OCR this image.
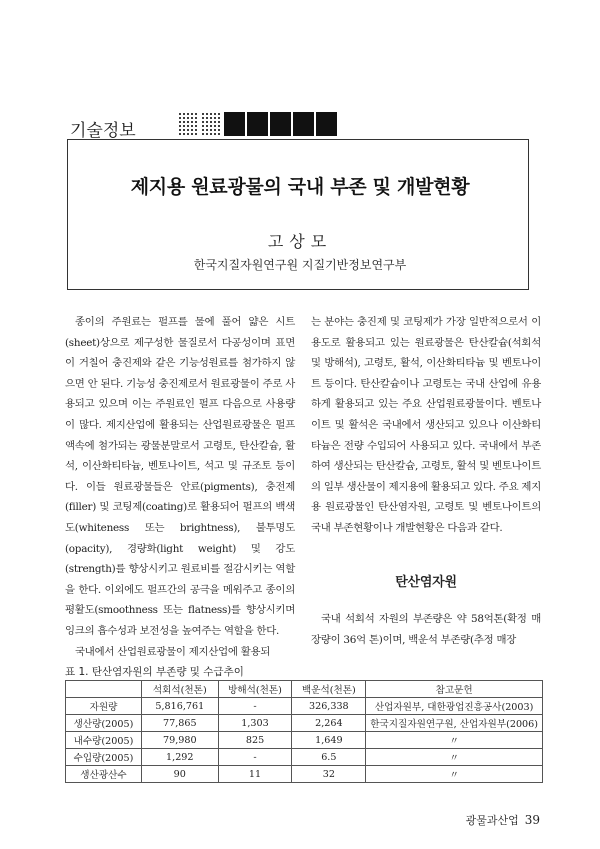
기술정보
제지용 원료광물의 국내 부존 및 개발현황
고상모
한국지질자원연구원 지질기반정보연구부

종이의 주원료는 펄프를 물에 풀어 얇은 시트(sheet)상으로 제구성한 물질로서 다공성이며 표면이 거칠어 충진제와 같은 기능성원료를 첨가하지 않으면 안 된다. 기능성 충진제로서 원료광물이 주로 사용되고 있으며 이는 주원료인 펄프 다음으로 사용량이 많다. 제지산업에 활용되는 산업원료광물은 펄프액속에 첨가되는 광물분말로서 고령토, 탄산칼슘, 활석, 이산화티타늄, 벤토나이트, 석고 및 규조토 등이다. 이들 원료광물들은 안료(pigments), 충전제(filler) 및 코팅제(coating)로 활용되어 펄프의 백색도(whiteness 또는 brightness), 불투명도(opacity), 경량화(light weight) 및 강도(strength)를 향상시키고 원료비를 절감시키는 역할을 한다. 이외에도 펄프간의 공극을 메워주고 종이의 평활도(smoothness 또는 flatness)를 향상시키며 잉크의 흡수성과 보전성을 높여주는 역할을 한다.

국내에서 산업원료광물이 제지산업에 활용되

는 분야는 충진제 및 코팅제가 가장 일반적으로서 이 용도로 활용되고 있는 원료광물은 탄산칼슘(석회석 및 방해석), 고령토, 활석, 이산화티타늄 및 벤토나이트 등이다. 탄산칼슘이나 고령토는 국내 산업에 유용하게 활용되고 있는 주요 산업원료광물이다. 벤토나이트 및 활석은 국내에서 생산되고 있으나 이산화티타늄은 전량 수입되어 사용되고 있다. 국내에서 부존하여 생산되는 탄산칼슘, 고령토, 활석 및 벤토나이트의 일부 생산물이 제지용에 활용되고 있다. 주요 제지용 원료광물인 탄산염자원, 고령토 및 벤토나이트의 국내 부존현황이나 개발현황은 다음과 같다.

탄산염자원

국내 석회석 자원의 부존량은 약 58억톤(확정 매장량이 36억 톤)이며, 백운석 부존량(추정 매장

표 1. 탄산염자원의 부존량 및 수급추이
	석회석(천톤)	방해석(천톤)	백운석(천톤)	참고문헌
자원량	5,816,761	-	326,338	산업자원부, 대한광업진흥공사(2003)
생산량(2005)	77,865	1,303	2,264	한국지질자원연구원, 산업자원부(2006)
내수량(2005)	79,980	825	1,649	〃
수입량(2005)	1,292	-	6.5	〃
생산광산수	90	11	32	〃
광물과산업 39
